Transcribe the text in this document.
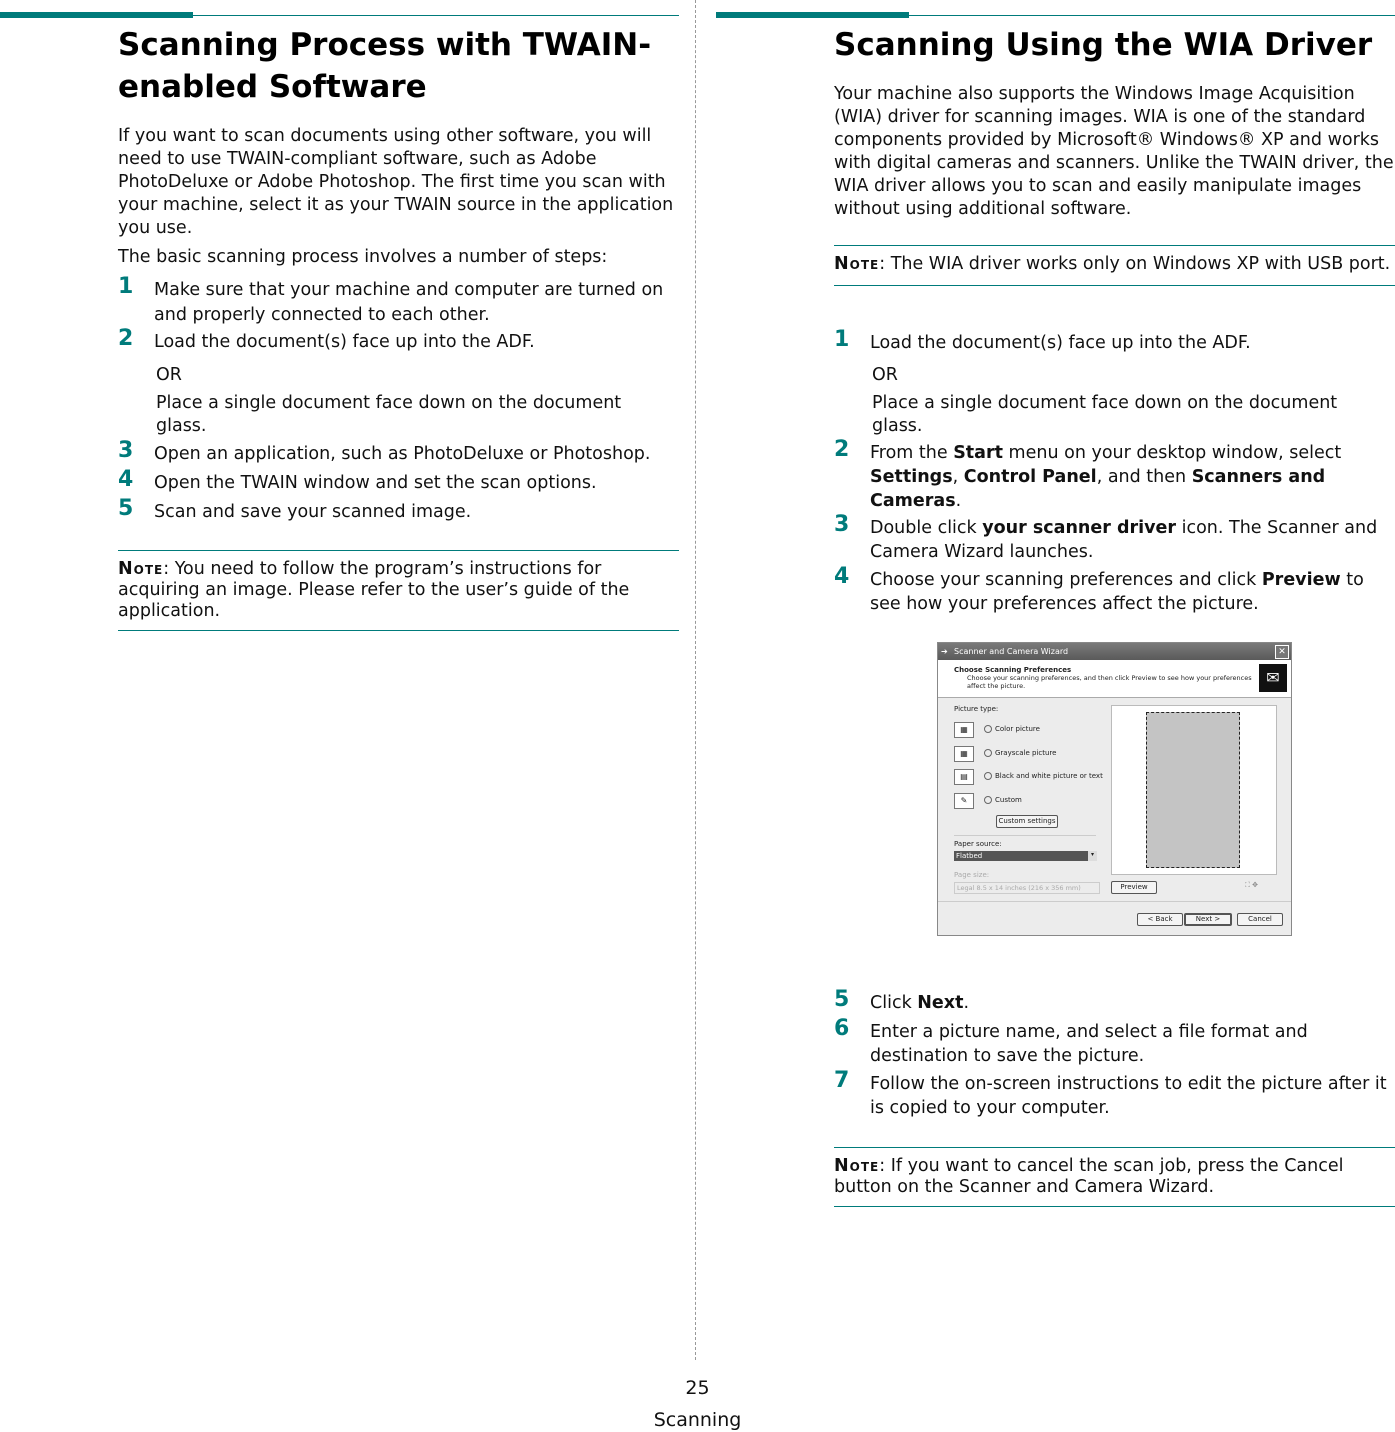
Scanning Process with TWAIN-enabled Software

If you want to scan documents using other software, you will need to use TWAIN-compliant software, such as Adobe PhotoDeluxe or Adobe Photoshop. The first time you scan with your machine, select it as your TWAIN source in the application you use.

The basic scanning process involves a number of steps:

1 Make sure that your machine and computer are turned on and properly connected to each other.
2 Load the document(s) face up into the ADF.
OR
Place a single document face down on the document glass.
3 Open an application, such as PhotoDeluxe or Photoshop.
4 Open the TWAIN window and set the scan options.
5 Scan and save your scanned image.
Note: You need to follow the program’s instructions for acquiring an image. Please refer to the user’s guide of the application.
Scanning Using the WIA Driver

Your machine also supports the Windows Image Acquisition (WIA) driver for scanning images. WIA is one of the standard components provided by Microsoft® Windows® XP and works with digital cameras and scanners. Unlike the TWAIN driver, the WIA driver allows you to scan and easily manipulate images without using additional software.

Note: The WIA driver works only on Windows XP with USB port.
1 Load the document(s) face up into the ADF.
OR
Place a single document face down on the document glass.
2 From the Start menu on your desktop window, select Settings, Control Panel, and then Scanners and Cameras.
3 Double click your scanner driver icon. The Scanner and Camera Wizard launches.
4 Choose your scanning preferences and click Preview to see how your preferences affect the picture.
5 Click Next.
6 Enter a picture name, and select a file format and destination to save the picture.
7 Follow the on-screen instructions to edit the picture after it is copied to your computer.
Note: If you want to cancel the scan job, press the Cancel button on the Scanner and Camera Wizard.
➔ Scanner and Camera Wizard	✕
Choose Scanning Preferences
Choose your scanning preferences, and then click Preview to see how your preferences affect the picture.	✉
Picture type:
▦
▦
▤
✎
Color picture
Grayscale picture
Black and white picture or text
Custom
Custom settings
Paper source:
Flatbed	▾
Page size:
Legal 8.5 x 14 inches (216 x 356 mm)	Preview	⛶ ✥
< Back	Next >	Cancel
25
Scanning
